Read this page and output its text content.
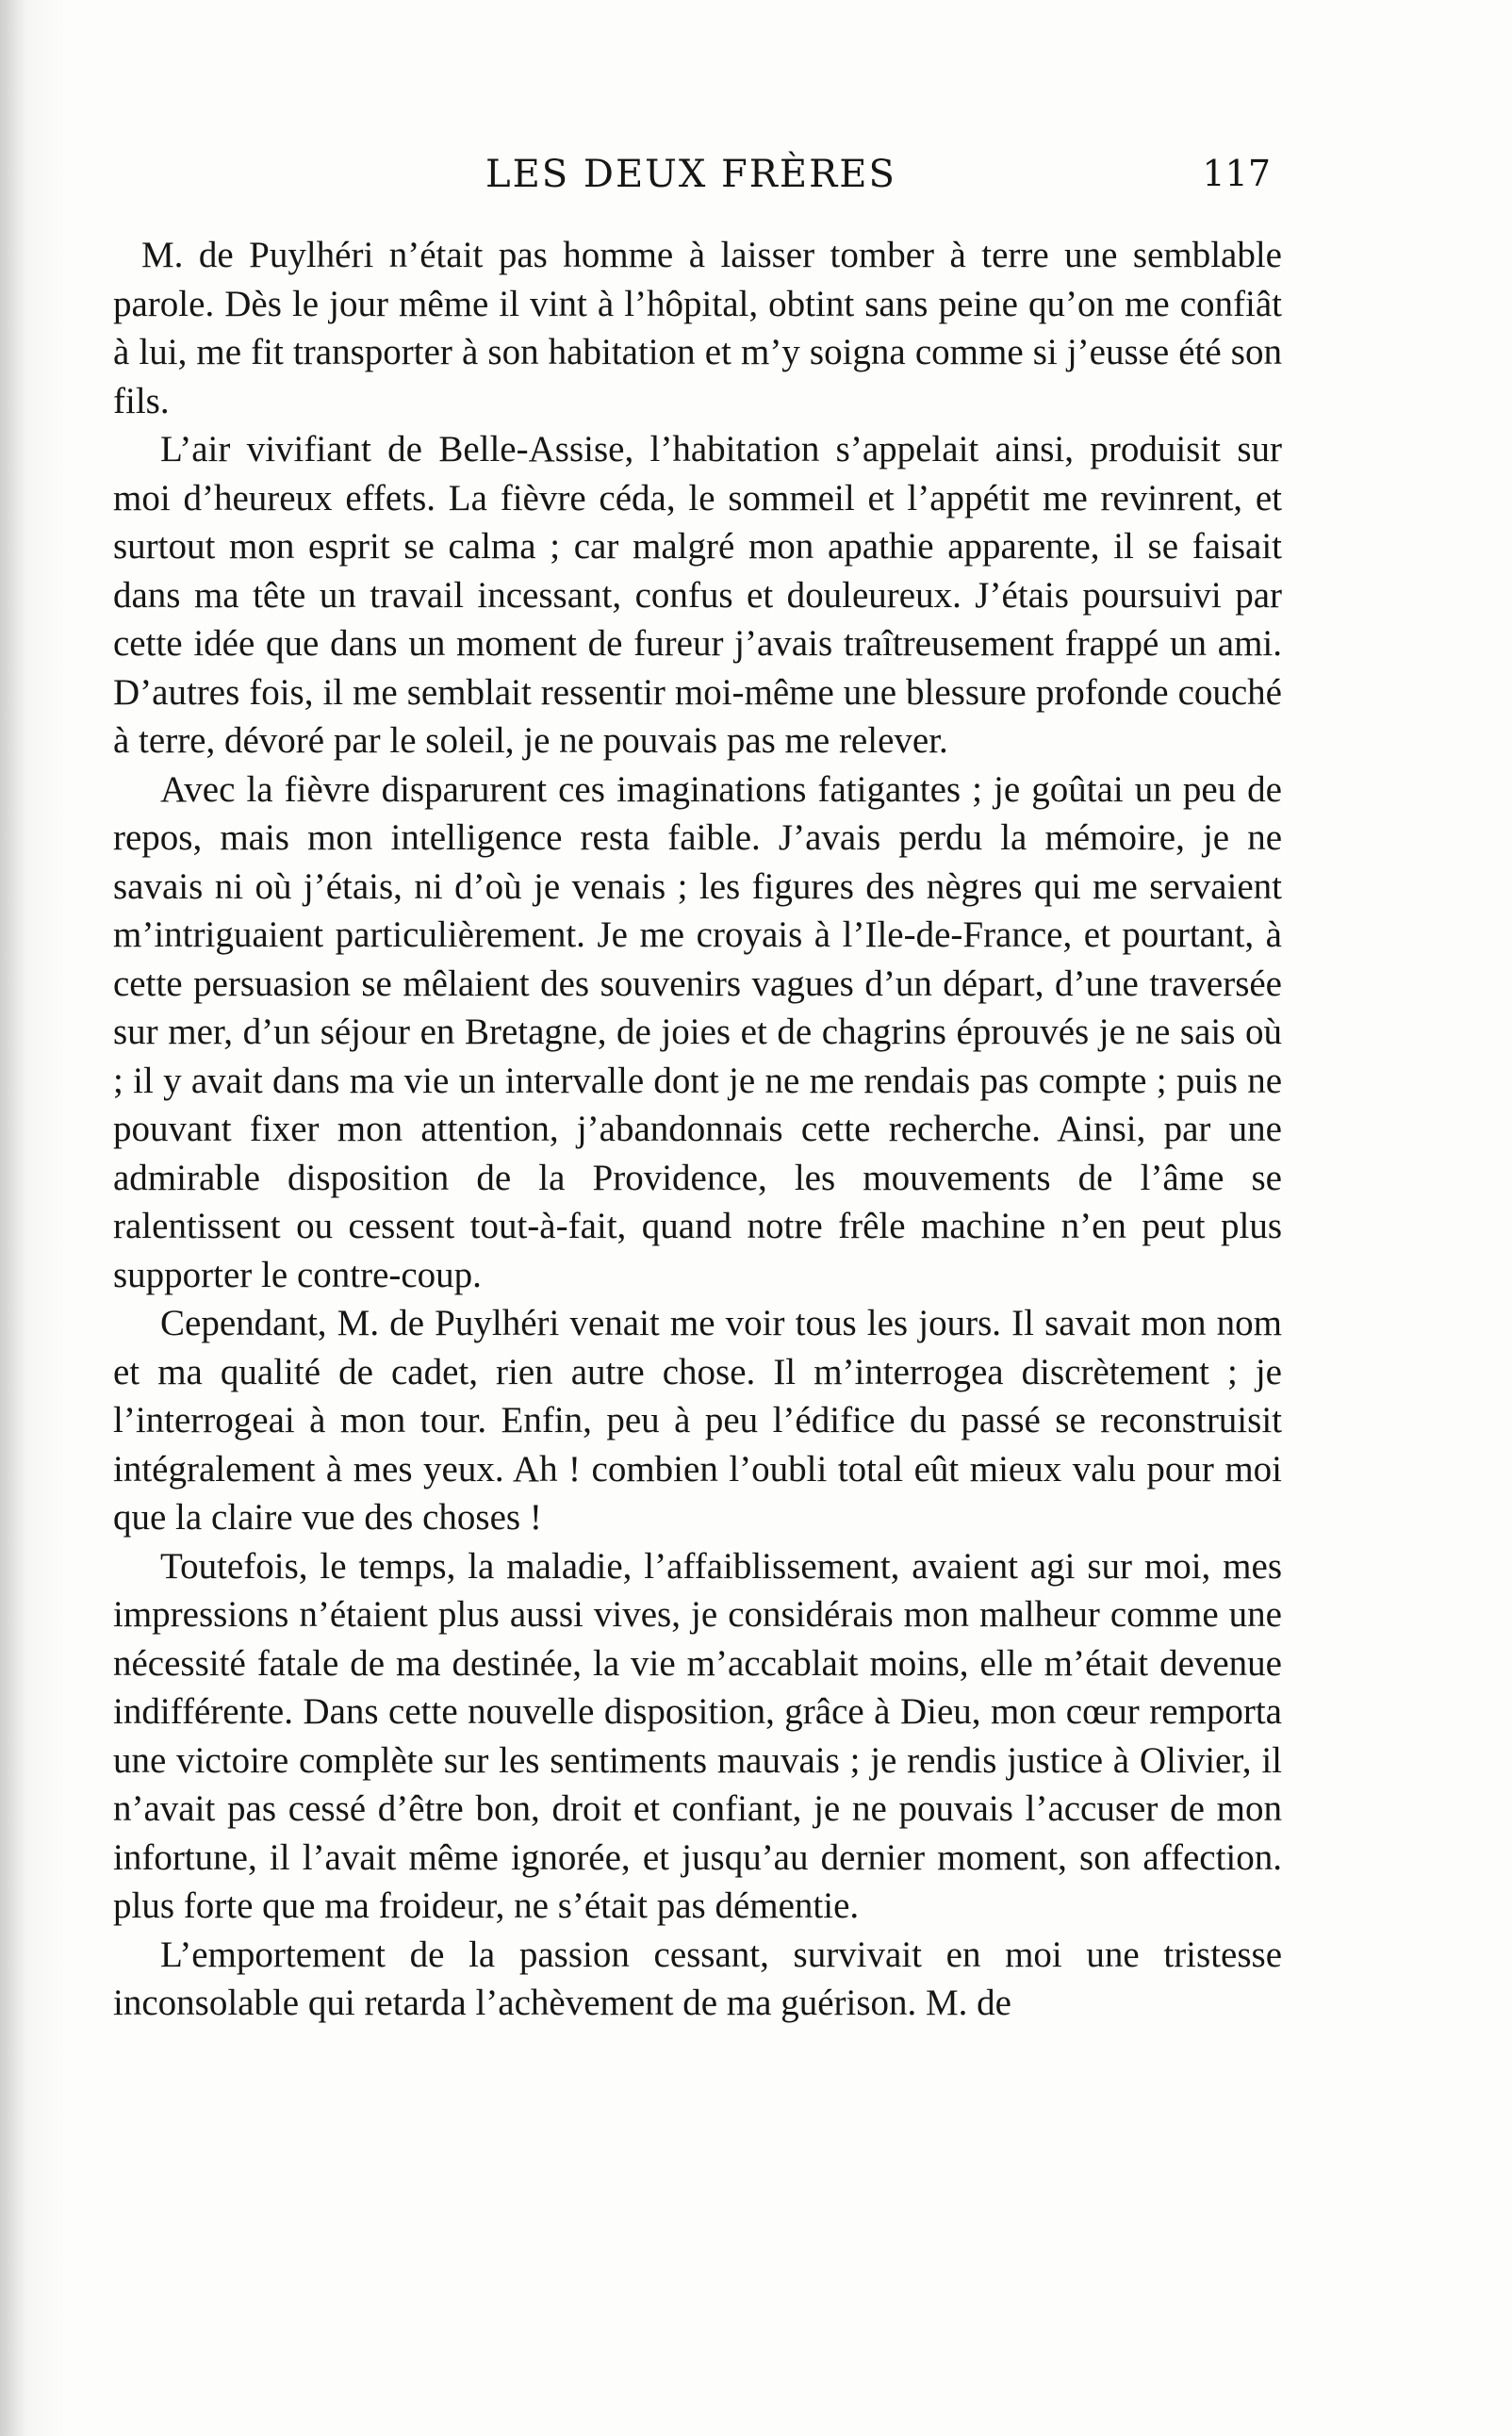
LES DEUX FRÈRES	117

M. de Puylhéri n’était pas homme à laisser tomber à terre une semblable parole. Dès le jour même il vint à l’hôpital, obtint sans peine qu’on me confiât à lui, me fit transporter à son habitation et m’y soigna comme si j’eusse été son fils.

L’air vivifiant de Belle-Assise, l’habitation s’appelait ainsi, produisit sur moi d’heureux effets. La fièvre céda, le sommeil et l’appétit me revinrent, et surtout mon esprit se calma ; car malgré mon apathie apparente, il se faisait dans ma tête un travail incessant, confus et douleureux. J’étais poursuivi par cette idée que dans un moment de fureur j’avais traîtreusement frappé un ami. D’autres fois, il me semblait ressentir moi-même une blessure profonde couché à terre, dévoré par le soleil, je ne pouvais pas me relever.

Avec la fièvre disparurent ces imaginations fatigantes ; je goûtai un peu de repos, mais mon intelligence resta faible. J’avais perdu la mémoire, je ne savais ni où j’étais, ni d’où je venais ; les figures des nègres qui me servaient m’intriguaient particulièrement. Je me croyais à l’Ile-de-France, et pourtant, à cette persuasion se mêlaient des souvenirs vagues d’un départ, d’une traversée sur mer, d’un séjour en Bretagne, de joies et de chagrins éprouvés je ne sais où ; il y avait dans ma vie un intervalle dont je ne me rendais pas compte ; puis ne pouvant fixer mon attention, j’abandonnais cette recherche. Ainsi, par une admirable disposition de la Providence, les mouvements de l’âme se ralentissent ou cessent tout-à-fait, quand notre frêle machine n’en peut plus supporter le contre-coup.

Cependant, M. de Puylhéri venait me voir tous les jours. Il savait mon nom et ma qualité de cadet, rien autre chose. Il m’interrogea discrètement ; je l’interrogeai à mon tour. Enfin, peu à peu l’édifice du passé se reconstruisit intégralement à mes yeux. Ah ! combien l’oubli total eût mieux valu pour moi que la claire vue des choses !

Toutefois, le temps, la maladie, l’affaiblissement, avaient agi sur moi, mes impressions n’étaient plus aussi vives, je considérais mon malheur comme une nécessité fatale de ma destinée, la vie m’accablait moins, elle m’était devenue indifférente. Dans cette nouvelle disposition, grâce à Dieu, mon cœur remporta une victoire complète sur les sentiments mauvais ; je rendis justice à Olivier, il n’avait pas cessé d’être bon, droit et confiant, je ne pouvais l’accuser de mon infortune, il l’avait même ignorée, et jusqu’au dernier moment, son affection. plus forte que ma froideur, ne s’était pas démentie.

L’emportement de la passion cessant, survivait en moi une tristesse inconsolable qui retarda l’achèvement de ma guérison. M. de
